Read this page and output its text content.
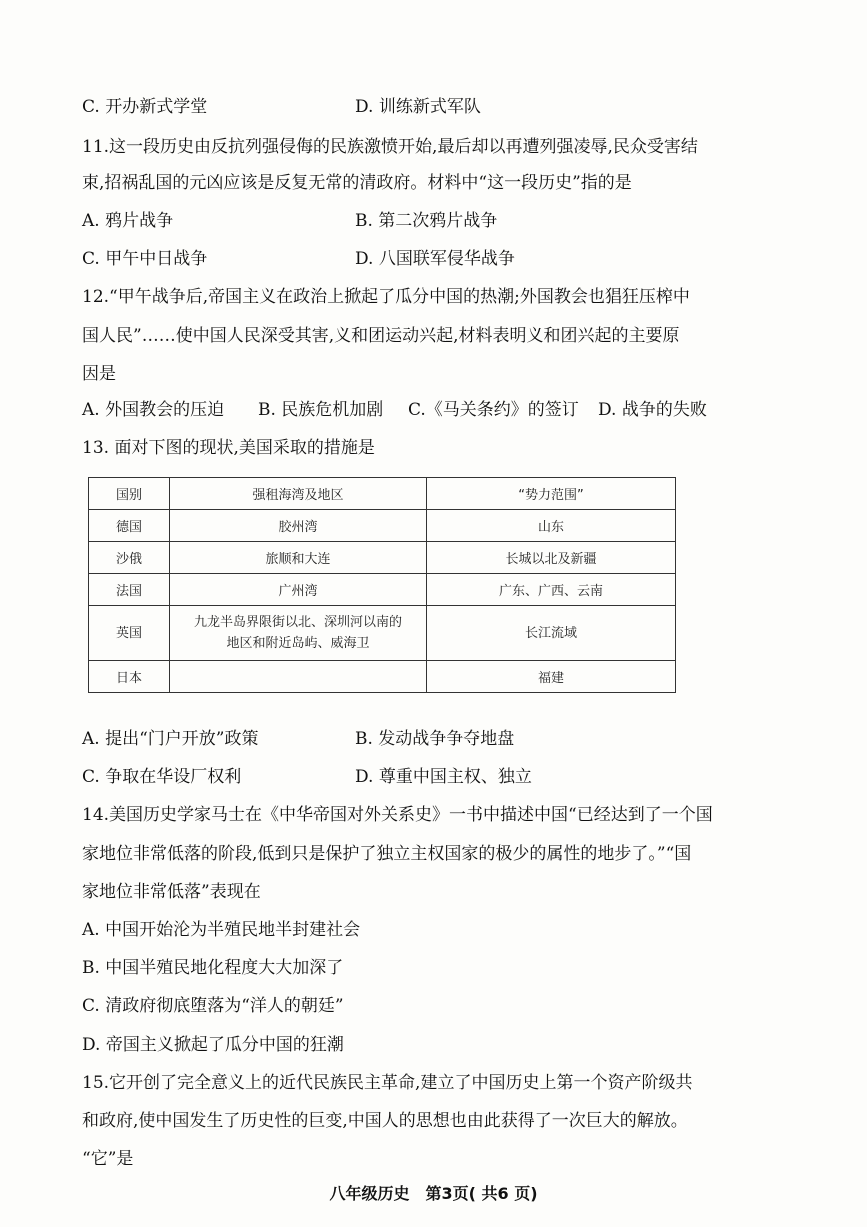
C. 开办新式学堂	D. 训练新式军队
11.这一段历史由反抗列强侵侮的民族激愤开始,最后却以再遭列强凌辱,民众受害结
束,招祸乱国的元凶应该是反复无常的清政府。材料中“这一段历史”指的是
A. 鸦片战争	B. 第二次鸦片战争
C. 甲午中日战争	D. 八国联军侵华战争
12.“甲午战争后,帝国主义在政治上掀起了瓜分中国的热潮;外国教会也猖狂压榨中
国人民”……使中国人民深受其害,义和团运动兴起,材料表明义和团兴起的主要原
因是
A. 外国教会的压迫 B. 民族危机加剧 C.《马关条约》的签订 D. 战争的失败
13. 面对下图的现状,美国采取的措施是
国别	强租海湾及地区	“势力范围”
德国	胶州湾	山东
沙俄	旅顺和大连	长城以北及新疆
法国	广州湾	广东、广西、云南
英国	九龙半岛界限街以北、深圳河以南的
地区和附近岛屿、威海卫	长江流域
日本		福建
A. 提出“门户开放”政策	B. 发动战争争夺地盘
C. 争取在华设厂权利	D. 尊重中国主权、独立
14.美国历史学家马士在《中华帝国对外关系史》一书中描述中国“已经达到了一个国
家地位非常低落的阶段,低到只是保护了独立主权国家的极少的属性的地步了。”“国
家地位非常低落”表现在
A. 中国开始沦为半殖民地半封建社会
B. 中国半殖民地化程度大大加深了
C. 清政府彻底堕落为“洋人的朝廷”
D. 帝国主义掀起了瓜分中国的狂潮
15.它开创了完全意义上的近代民族民主革命,建立了中国历史上第一个资产阶级共
和政府,使中国发生了历史性的巨变,中国人的思想也由此获得了一次巨大的解放。
“它”是
八年级历史　第3页( 共6 页)
